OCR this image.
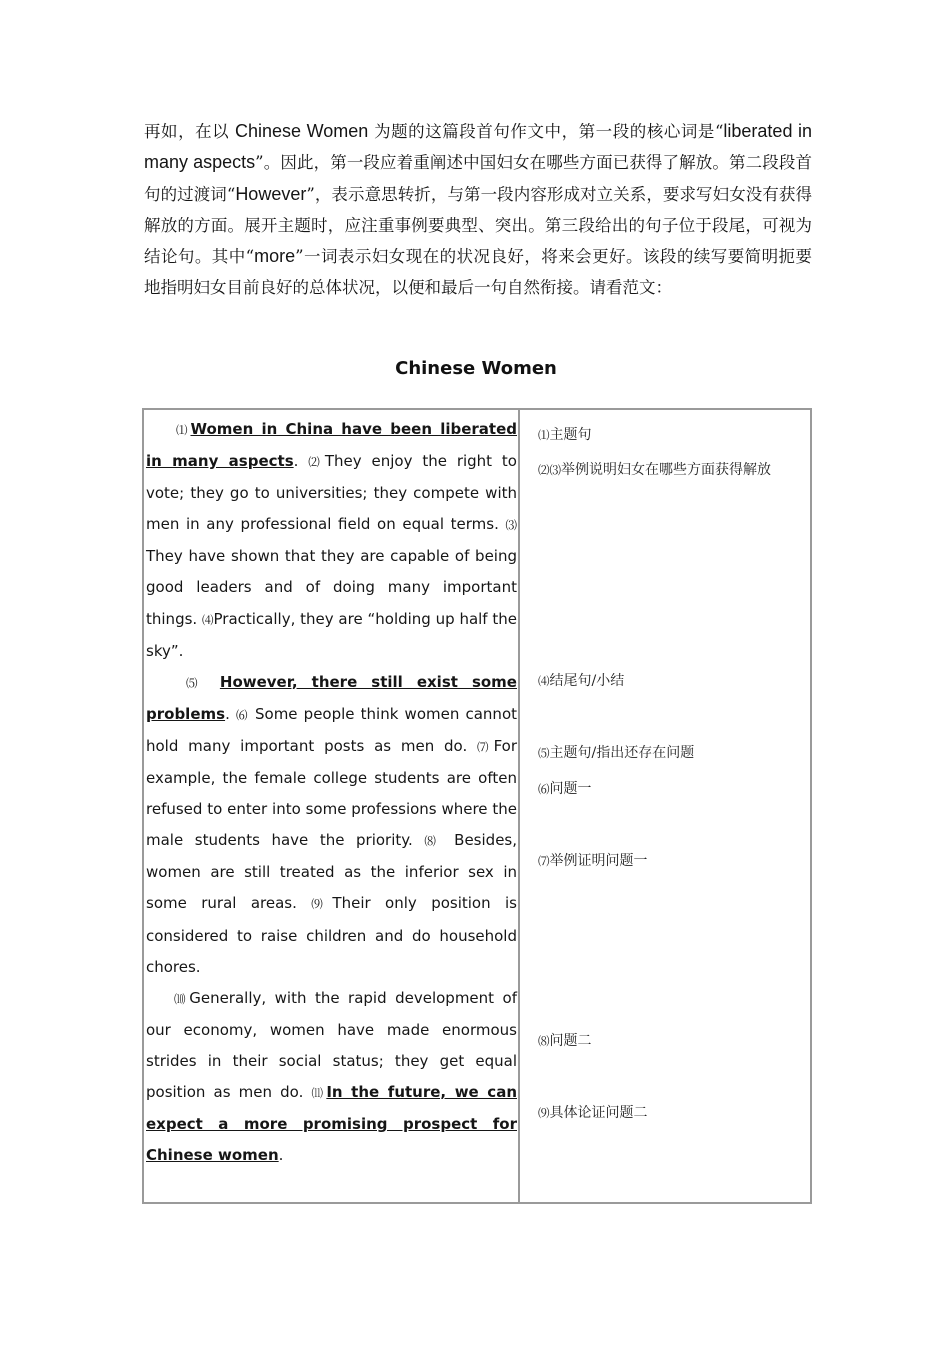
再如，在以 Chinese Women 为题的这篇段首句作文中，第一段的核心词是“liberated in many aspects”。因此，第一段应着重阐述中国妇女在哪些方面已获得了解放。第二段段首句的过渡词“However”，表示意思转折，与第一段内容形成对立关系，要求写妇女没有获得解放的方面。展开主题时，应注重事例要典型、突出。第三段给出的句子位于段尾，可视为结论句。其中“more”一词表示妇女现在的状况良好，将来会更好。该段的续写要简明扼要地指明妇女目前良好的总体状况，以便和最后一句自然衔接。请看范文：
Chinese Women

⑴Women in China have been liberated in many aspects. ⑵They enjoy the right to vote; they go to universities; they compete with men in any professional field on equal terms. ⑶ They have shown that they are capable of being good leaders and of doing many important things. ⑷Practically, they are “holding up half the sky”.

⑸ However, there still exist some problems. ⑹ Some people think women cannot hold many important posts as men do. ⑺For example, the female college students are often refused to enter into some professions where the male students have the priority. ⑻ Besides, women are still treated as the inferior sex in some rural areas. ⑼Their only position is considered to raise children and do household chores.

⑽Generally, with the rapid development of our economy, women have made enormous strides in their social status; they get equal position as men do. ⑾In the future, we can expect a more promising prospect for Chinese women.

⑴主题句
⑵⑶举例说明妇女在哪些方面获得解放
⑷结尾句/小结
⑸主题句/指出还存在问题
⑹问题一
⑺举例证明问题一
⑻问题二
⑼具体论证问题二
